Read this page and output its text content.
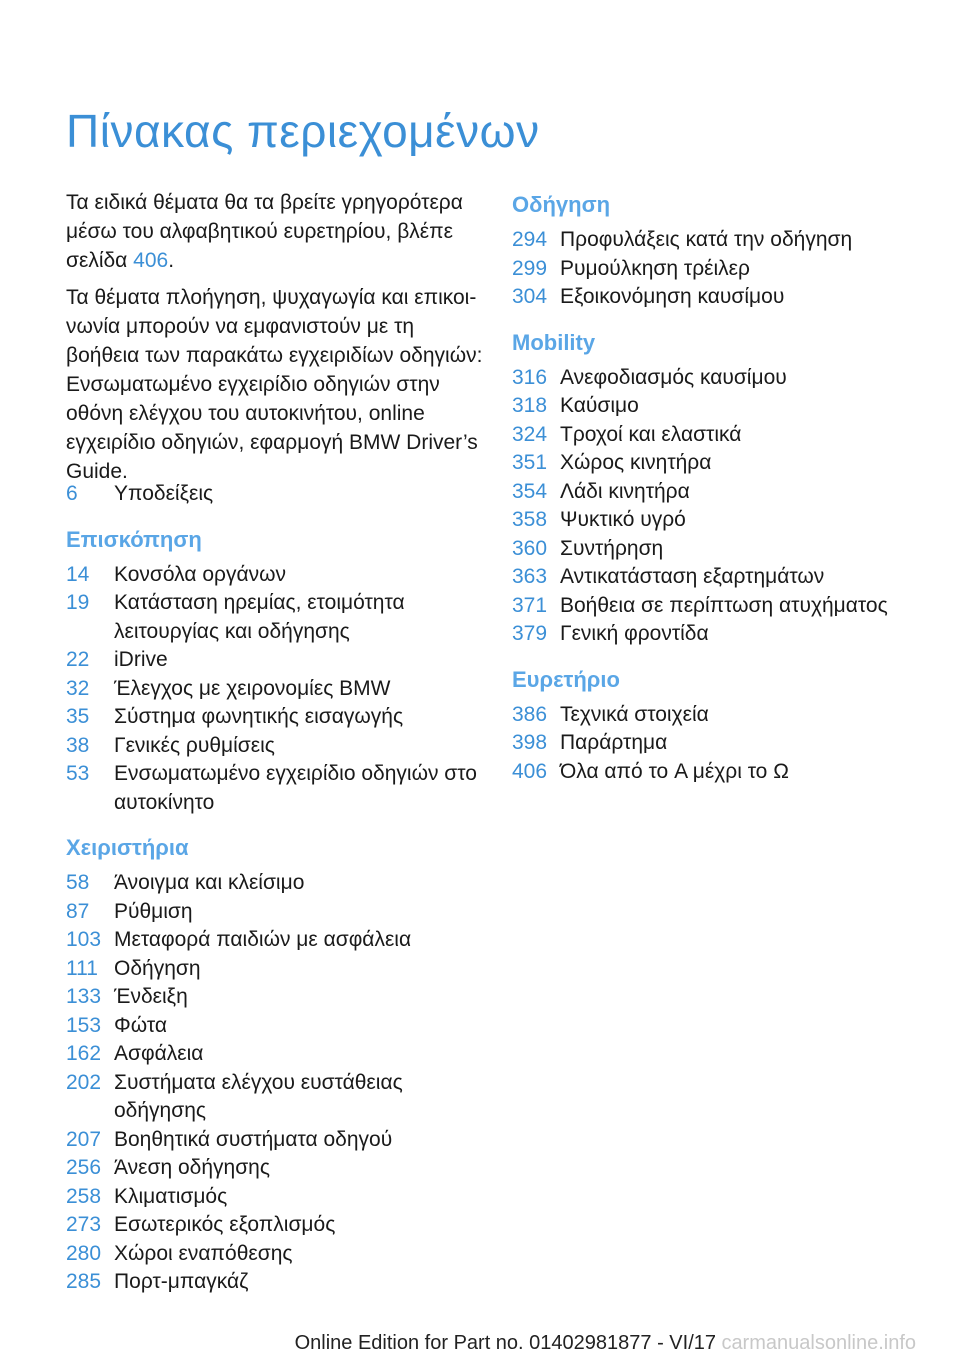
Πίνακας περιεχομένων

Τα ειδικά θέματα θα τα βρείτε γρηγορότερα μέσω του αλφαβητικού ευρετηρίου, βλέπε σελίδα 406.

Τα θέματα πλοήγηση, ψυχαγωγία και επικοινωνία μπορούν να εμφανιστούν με τη βοήθεια των παρακάτω εγχειριδίων οδηγιών: Ενσωματωμένο εγχειρίδιο οδηγιών στην οθόνη ελέγχου του αυτοκινήτου, online εγχειρίδιο οδηγιών, εφαρμογή BMW Driver’s Guide.

6	Υποδείξεις
Επισκόπηση
14	Κονσόλα οργάνων
19	Κατάσταση ηρεμίας, ετοιμότητα λειτουργίας και οδήγησης
22	iDrive
32	Έλεγχος με χειρονομίες BMW
35	Σύστημα φωνητικής εισαγωγής
38	Γενικές ρυθμίσεις
53	Ενσωματωμένο εγχειρίδιο οδηγιών στο αυτοκίνητο
Χειριστήρια
58	Άνοιγμα και κλείσιμο
87	Ρύθμιση
103 Μεταφορά παιδιών με ασφάλεια
111 Οδήγηση
133 Ένδειξη
153 Φώτα
162 Ασφάλεια
202 Συστήματα ελέγχου ευστάθειας οδήγησης
207 Βοηθητικά συστήματα οδηγού
256 Άνεση οδήγησης
258 Κλιματισμός
273 Εσωτερικός εξοπλισμός
280 Χώροι εναπόθεσης
285 Πορτ-μπαγκάζ
Οδήγηση
294 Προφυλάξεις κατά την οδήγηση
299 Ρυμούλκηση τρέιλερ
304 Εξοικονόμηση καυσίμου
Mobility
316 Ανεφοδιασμός καυσίμου
318 Καύσιμο
324 Τροχοί και ελαστικά
351 Χώρος κινητήρα
354 Λάδι κινητήρα
358 Ψυκτικό υγρό
360 Συντήρηση
363 Αντικατάσταση εξαρτημάτων
371 Βοήθεια σε περίπτωση ατυχήματος
379 Γενική φροντίδα
Ευρετήριο
386 Τεχνικά στοιχεία
398 Παράρτημα
406 Όλα από το A μέχρι το Ω
Online Edition for Part no. 01402981877 - VI/17 carmanualsonline.info
